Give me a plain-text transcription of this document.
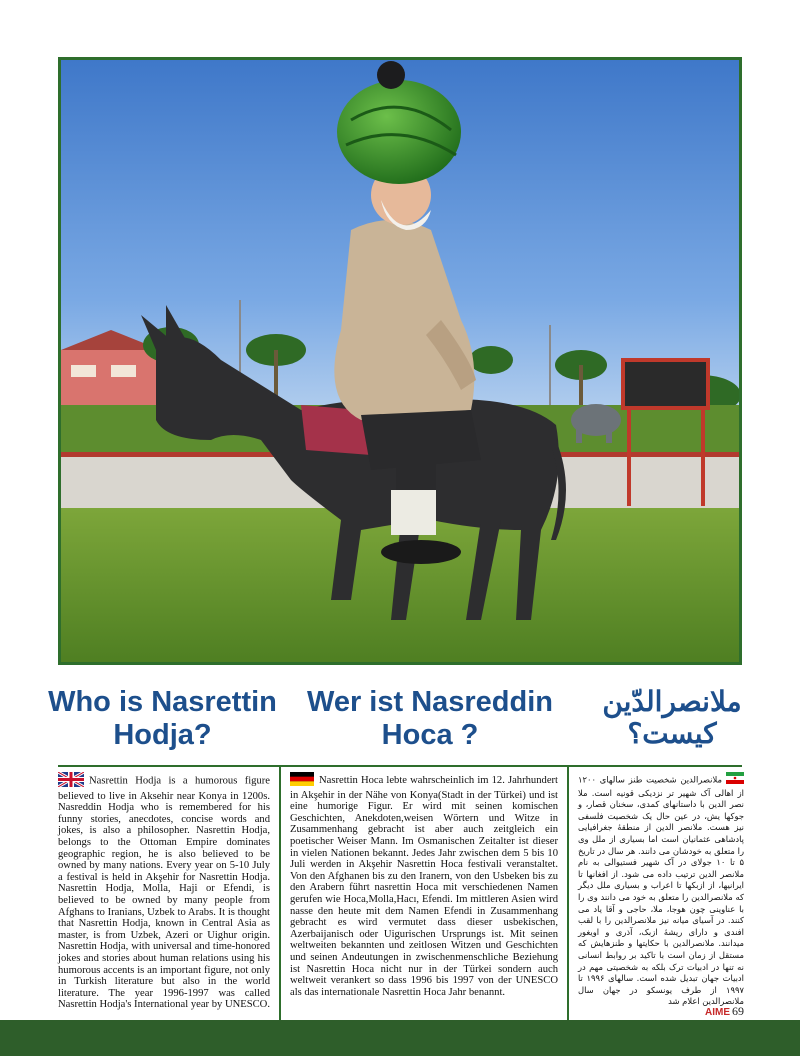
Who is Nasrettin Hodja?
Wer ist Nasreddin Hoca ?
ملانصرالدّین کیست؟

Nasrettin Hodja is a humorous figure believed to live in Aksehir near Konya in 1200s. Nasreddin Hodja who is remembered for his funny stories, anecdotes, concise words and jokes, is also a philosopher. Nasrettin Hodja, belongs to the Ottoman Empire dominates geographic region, he is also believed to be owned by many nations. Every year on 5-10 July a festival is held in Akşehir for Nasrettin Hodja. Nasrettin Hodja, Molla, Haji or Efendi, is believed to be owned by many people from Afghans to Iranians, Uzbek to Arabs. It is thought that Nasrettin Hodja, known in Central Asia as master, is from Uzbek, Azeri or Uighur origin. Nasrettin Hodja, with universal and time-honored jokes and stories about human relations using his humorous accents is an important figure, not only in Turkish literature but also in the world literature. The year 1996-1997 was called Nasrettin Hodja's International year by UNESCO.

Nasrettin Hoca lebte wahrscheinlich im 12. Jahrhundert in Akşehir in der Nähe von Konya(Stadt in der Türkei) und ist eine humorige Figur. Er wird mit seinen komischen Geschichten, Anekdoten,weisen Wörtern und Witze in Zusammenhang gebracht ist aber auch zeitgleich ein poetischer Weiser Mann. Im Osmanischen Zeitalter ist dieser in vielen Nationen bekannt. Jedes Jahr zwischen dem 5 bis 10 Juli werden in Akşehir Nasrettin Hoca festivali veranstaltet. Von den Afghanen bis zu den Iranern, von den Usbeken bis zu den Arabern führt nasrettin Hoca mit verschiedenen Namen gerufen wie Hoca,Molla,Hacı, Efendi. Im mittleren Asien wird nasse den heute mit dem Namen Efendi in Zusammenhang gebracht es wird vermutet dass dieser usbekischen, Azerbaijanisch oder Uigurischen Ursprungs ist. Mit seinen weltweiten bekannten und zeitlosen Witzen und Geschichten und seinen Andeutungen in zwischenmenschliche Beziehung ist Nasrettin Hoca nicht nur in der Türkei sondern auch weltweit verankert so dass 1996 bis 1997 von der UNESCO als das internationale Nasrettin Hoca Jahr benannt.

ملانصرالدین شخصیت طنز سالهای ۱۲۰۰ از اهالی آک شهیر تر نزدیکی قونیه است. ملا نصر الدین با داستانهای کمدی، سخنان قصار، و جوکها یش، در عین حال یک شخصیت فلسفی نیز هست. ملانصر الدین از منطقهٔ جغرافیایی پادشاهی عثمانیان است اما بسیاری از ملل وی را متعلق به خودشان می دانند. هر سال در تاریخ ۵ تا ۱۰ جولای در آک شهیر فستیوالی به نام ملانصر الدین ترتیب داده می شود. از افغانها تا ایرانیها، از ازبکها تا اعراب و بسیاری ملل دیگر که ملانصرالدین را متعلق به خود می دانند وی را با عناوینی چون هوجا، ملا، حاجی و آقا یاد می کنند. در آسیای میانه نیز ملانصرالدین را با لقب افندی و دارای ریشهٔ ازبک، آذری و اویغور میدانند. ملانصرالدین با حکایتها و طنزهایش که مستقل از زمان است با تاکید بر روابط انسانی نه تنها در ادبیات ترک بلکه به شخصیتی مهم در ادبیات جهان تبدیل شده است. سالهای ۱۹۹۶ تا ۱۹۹۷ از طرف یونسکو در جهان سال ملانصرالدین اعلام شد

AIME 69
